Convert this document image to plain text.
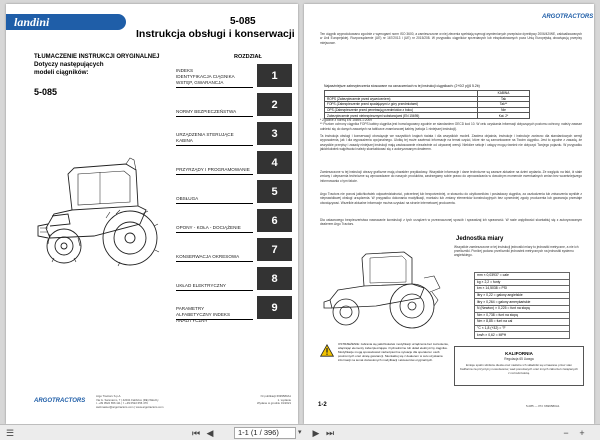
landini	5-085
Instrukcja obsługi i konserwacji
TŁUMACZENIE INSTRUKCJI ORYGINALNEJ
Dotyczy następujących modeli ciągników:
5-085
ROZDZIAŁ
INDEKS
IDENTYFIKACJA CIĄGNIKA
WSTĘP, GWARANCJA
1
NORMY BEZPIECZEŃSTWA
2
URZĄDZENIA STERUJĄCE
KABINA
3
PRZYRZĄDY I PROGRAMOWANIE
4
OBSŁUGA
5
OPONY - KOŁA - DOCIĄŻENIE
6
KONSERWACJA OKRESOWA
7
UKŁAD ELEKTRYCZNY
8
PARAMETRY
ALFABETYCZNY INDEKS ANALITYCZNY
9
ARGOTRACTORS
Argo Tractors S.p.A.
Via G. Sanmarco, 7 | 42041 Fabbrico (RE) Włochy
t. +39 0522 656 111 | f. +39 0522 656 476
webmaster@argotractors.com | www.argotractors.com
Nr publikacji 6699580A1
1. wydanie
Wydane w grudniu 01/2021
ARGOTRACTORS
Ten ciągnik wyprodukowano zgodnie z wymogami norm ISO 3600, a zamieszczone w niej zlecenia spełniają wymogi wymienionych przepisów dyrektywy 2006/42/WE, zaktualizowanych w Unii Europejskiej. Rozporządzenie (UE) nr 167/2013 i (UE) nr 2015/208. W przypadku ciągników sprzedanych lub eksploatowanych poza Unią Europejską obowiązują przepisy miejscowe.
Najważniejsze zabezpieczenia stosowane na oznaczeniach w tej instrukcji ciągnikach: (2+0/2 p)(6 5.2b)
	KABINA
ROPS (Zabezpieczenie przed wywróceniem)	Tak
FOPS (Zabezpieczenie przed spadającymi z góry przedmiotami)	Tak**
OPS (Zabezpieczenie przed penetracją przedmiotów z boku)	Nie
Zabezpieczenie przed niebezpiecznymi substancjami (EN 15695)	Kat. 2*
* Zgodnie z normą EN 15695-1:2009
** Poziom ochrony ciągnika FOPS kabiny ciągnika jest homologowany zgodnie ze standardem OECD kod 10. W celu uzyskania informacji dotyczących poziomu ochrony, należy zawsze odnieść się do danych zawartych na tabliczce znamionowej kabiny (sekcja 1 niniejszej instrukcji).
Ta instrukcja obsługi i konserwacji obowiązuje we wszystkich krajach świata i dla wszystkich modeli. Zawiera objaśnia, instrukcje i instrukcje zarówno dla standardowych wersji wyposażenia, jak i dla wyposażenia opcjonalnego. Ulotkę tej może zawierać informacje na temat części, które nie są zamontowane na Twoim ciągniku. Jest to zgodne z zasadą, że wszystkie przepisy i zasady niniejszej instrukcji mają zastosowanie niezależnie od używanej wersji. Niektóre sekcje i ustępy mogą również nie dotyczyć Twojego pojazdu. W przypadku jakichkolwiek wątpliwości należy skontaktować się z autoryzowanym dealerem.
Zamieszczone w tej instrukcji obrazy graficzne mają charakter przykładowy. Wszystkie informacje i dane techniczne są zawsze aktualne na dzień wydania. Ze względu na fakt, iż stałe zmiany i ulepszenia techniczne są wprowadzane do naszych produktów, zastrzegamy sobie prawo do wprowadzania w dowolnym momencie ewentualnych zmian bez wcześniejszego informowania o tym fakcie.
Argo Tractors nie ponosi jakichkolwiek odpowiedzialności, potrzebnej lub bezpośredniej, w stosunku do użytkowników i posiadaczy ciągnika, za uszkodzenia lub zniszczenia wynikłe z nieprawidłowej obsługi urządzenia. W przypadku dokonania modyfikacji, montażu lub zmiany elementów konstrukcyjnych bez uprzedniej zgody producenta lub gwarancja przestaje obowiązywać. Wszelkie aktualne informacje można uzyskać na stronie internetowej producenta.
Dla ustawowego bezpieczeństwa nawracanie konstrukcji z tych urządzeń w przeznaczonej sposób i sprawdzaj ich sprawność. W razie wątpliwości skontaktuj się z autoryzowanym dealerem Argo Tractors.
Jednostka miary
Wszystkie zamieszczone w tej instrukcji jednostki miary to jednostki metryczne, a nie ich przeliczniki. Poniżej podano przeliczniki jednostek metrycznych na jednostki systemu angielskiego.
mm × 0,03937 = cale
kg × 2,2 = funty
km × 14,5038 = PSI
litry × 0,22 = galony angielskie
litry × 0,264 = galony amerykańskie
N (Newton) × 0,225 = funt na stopę
Nm × 0,738 = funt na stopę
Nm × 8,85 = funt na cal
°C × 1,8 (+32) = °F
km/h × 0,62 = MPH
OSTRZEŻENIE: zabrania się jakichkolwiek modyfikacji urządzenia bez zezwolenia, włączając elementy zabezpieczające i hydrauliczne lub układ elektryczny ciągnika. Modyfikacje mogą spowodować niebezpieczne sytuacje dla operatora i osób postronnych oraz utratę gwarancji. Skontaktuj się z dealerem w celu uzyskania informacji na temat dozwolonych modyfikacji i akcesoriów oryginalnych.
KALIFORNIA
Regulacja 65 Uwaga
Emisje spalin silników diesla oraz niektóre ich składniki są uznawane przez stan Kalifornia za przyczyny nowotworów, wad porodowych oraz innych zaburzeń związanych z rozrodczością.
1-2	5-085 — PN: 6699580A1
☰	⏮ ◀	1-1 (1 / 396)	▾ ▶ ⏭	−	+
